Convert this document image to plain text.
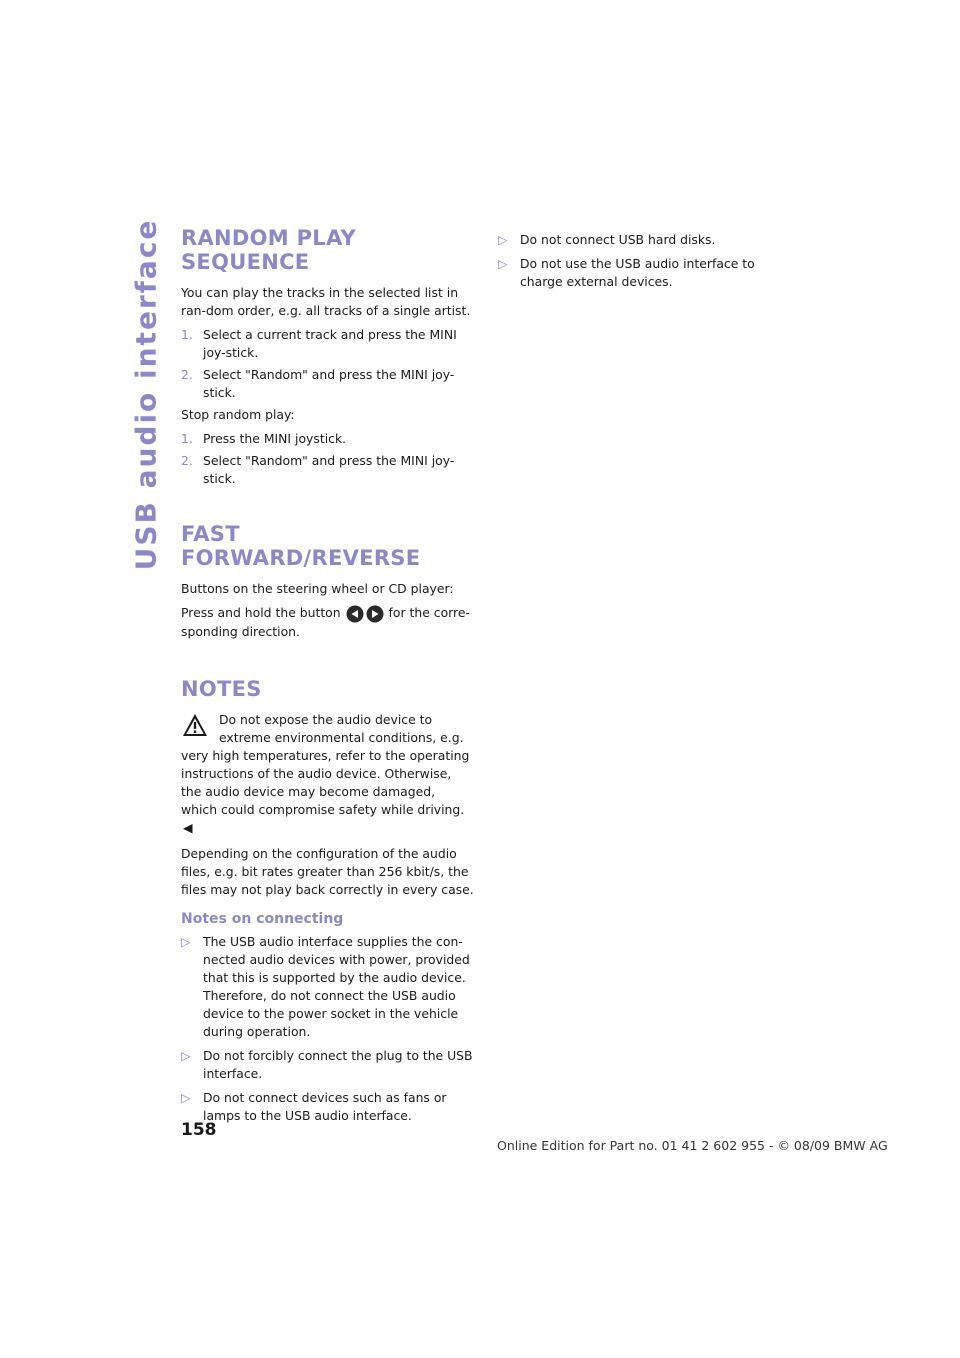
USB audio interface RANDOM PLAY SEQUENCE

You can play the tracks in the selected list in ran-dom order, e.g. all tracks of a single artist.

1. Select a current track and press the MINI joy-stick.
2. Select "Random" and press the MINI joy-stick.

Stop random play:

1. Press the MINI joystick.
2. Select "Random" and press the MINI joy-stick.
FAST FORWARD/REVERSE

Buttons on the steering wheel or CD player:

Press and hold the button	for the corre-sponding direction.

NOTES
Do not expose the audio device to extreme environmental conditions, e.g. very high temperatures, refer to the operating instructions of the audio device. Otherwise, the audio device may become damaged, which could compromise safety while driving.◀

Depending on the configuration of the audio files, e.g. bit rates greater than 256 kbit/s, the files may not play back correctly in every case.

Notes on connecting
▷	The USB audio interface supplies the con-nected audio devices with power, provided that this is supported by the audio device. Therefore, do not connect the USB audio device to the power socket in the vehicle during operation.
▷	Do not forcibly connect the plug to the USB interface.
▷	Do not connect devices such as fans or lamps to the USB audio interface.
▷	Do not connect USB hard disks.
▷	Do not use the USB audio interface to charge external devices.
158
Online Edition for Part no. 01 41 2 602 955 - © 08/09 BMW AG
